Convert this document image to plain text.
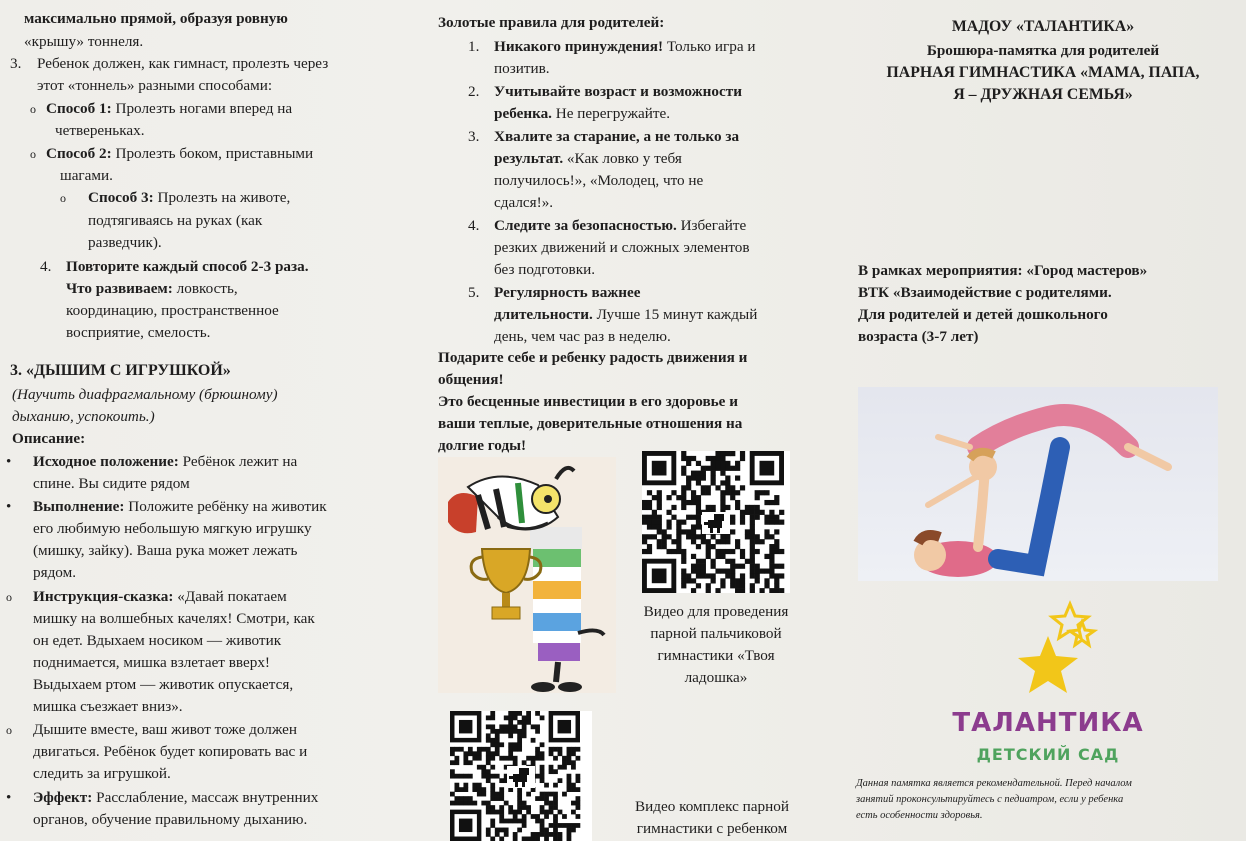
максимально прямой, образуя ровную
«крышу» тоннеля.
3. Ребенок должен, как гимнаст, пролезть через
этот «тоннель» разными способами:
o Способ 1: Пролезть ногами вперед на
четвереньках.
o Способ 2: Пролезть боком, приставными
шагами.
o Способ 3: Пролезть на животе,
подтягиваясь на руках (как
разведчик).
4. Повторите каждый способ 2-3 раза.
Что развиваем: ловкость,
координацию, пространственное
восприятие, смелость.
3. «ДЫШИМ С ИГРУШКОЙ»
(Научить диафрагмальному (брюшному)
дыханию, успокоить.)
Описание:
• Исходное положение: Ребёнок лежит на
спине. Вы сидите рядом
• Выполнение: Положите ребёнку на животик
его любимую небольшую мягкую игрушку
(мишку, зайку). Ваша рука может лежать
рядом.
o Инструкция-сказка: «Давай покатаем
мишку на волшебных качелях! Смотри, как
он едет. Вдыхаем носиком — животик
поднимается, мишка взлетает вверх!
Выдыхаем ртом — животик опускается,
мишка съезжает вниз».
o Дышите вместе, ваш живот тоже должен
двигаться. Ребёнок будет копировать вас и
следить за игрушкой.
• Эффект: Расслабление, массаж внутренних
органов, обучение правильному дыханию.
Золотые правила для родителей:
1. Никакого принуждения! Только игра и
позитив.
2. Учитывайте возраст и возможности
ребенка. Не перегружайте.
3. Хвалите за старание, а не только за
результат. «Как ловко у тебя
получилось!», «Молодец, что не
сдался!».
4. Следите за безопасностью. Избегайте
резких движений и сложных элементов
без подготовки.
5. Регулярность важнее
длительности. Лучше 15 минут каждый
день, чем час раз в неделю.
Подарите себе и ребенку радость движения и
общения!
Это бесценные инвестиции в его здоровье и
ваши теплые, доверительные отношения на
долгие годы!
Видео для проведения
парной пальчиковой
гимнастики «Твоя
ладошка»
Видео комплекс парной
гимнастики с ребенком
МАДОУ «ТАЛАНТИКА»
Брошюра-памятка для родителей
ПАРНАЯ ГИМНАСТИКА «МАМА, ПАПА,
Я – ДРУЖНАЯ СЕМЬЯ»
В рамках мероприятия: «Город мастеров»
ВТК «Взаимодействие с родителями.
Для родителей и детей дошкольного
возраста (3-7 лет)
ТАЛАНТИКА
ДЕТСКИЙ САД
Данная памятка является рекомендательной. Перед началом
занятий проконсультируйтесь с педиатром, если у ребенка
есть особенности здоровья.
